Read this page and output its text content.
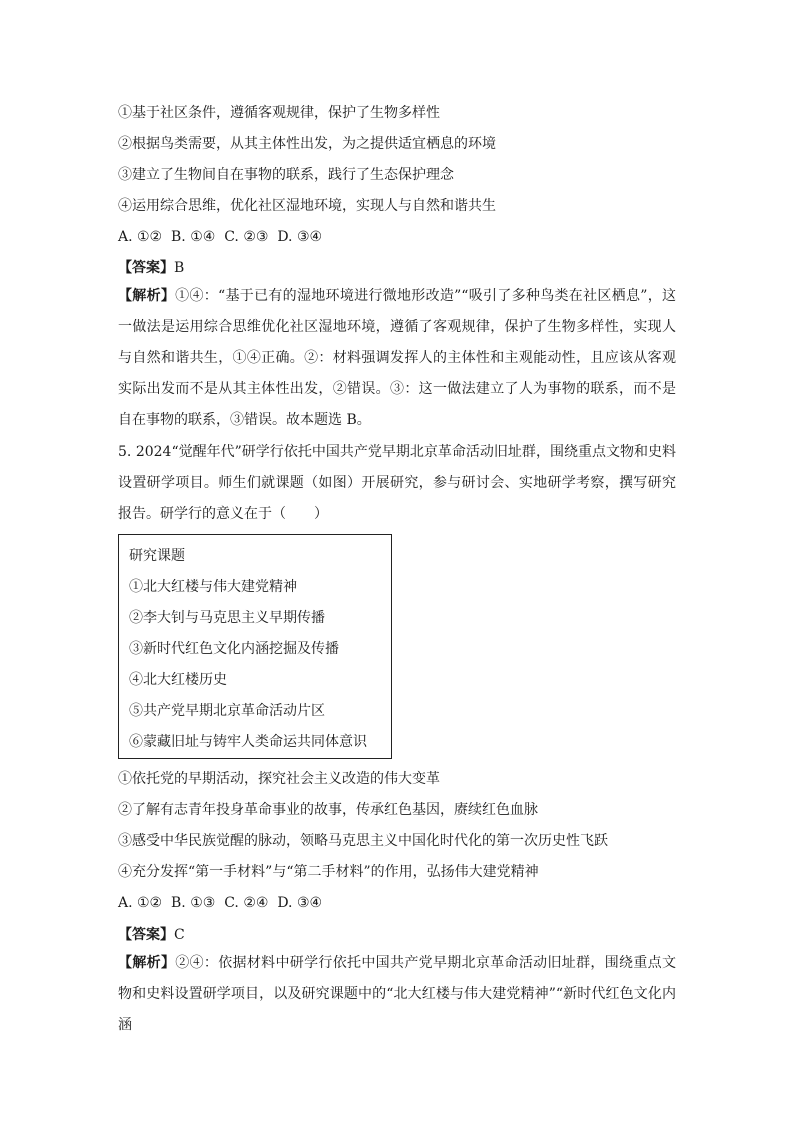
①基于社区条件，遵循客观规律，保护了生物多样性
②根据鸟类需要，从其主体性出发，为之提供适宜栖息的环境
③建立了生物间自在事物的联系，践行了生态保护理念
④运用综合思维，优化社区湿地环境，实现人与自然和谐共生
A. ①②  B. ①④  C. ②③  D. ③④
【答案】B
【解析】①④：“基于已有的湿地环境进行微地形改造”“吸引了多种鸟类在社区栖息”，这一做法是运用综合思维优化社区湿地环境，遵循了客观规律，保护了生物多样性，实现人与自然和谐共生，①④正确。②：材料强调发挥人的主体性和主观能动性，且应该从客观实际出发而不是从其主体性出发，②错误。③：这一做法建立了人为事物的联系，而不是自在事物的联系，③错误。故本题选 B。
5. 2024“觉醒年代”研学行依托中国共产党早期北京革命活动旧址群，围绕重点文物和史料设置研学项目。师生们就课题（如图）开展研究，参与研讨会、实地研学考察，撰写研究报告。研学行的意义在于（　　）
研究课题
①北大红楼与伟大建党精神
②李大钊与马克思主义早期传播
③新时代红色文化内涵挖掘及传播
④北大红楼历史
⑤共产党早期北京革命活动片区
⑥蒙藏旧址与铸牢人类命运共同体意识
①依托党的早期活动，探究社会主义改造的伟大变革
②了解有志青年投身革命事业的故事，传承红色基因，赓续红色血脉
③感受中华民族觉醒的脉动，领略马克思主义中国化时代化的第一次历史性飞跃
④充分发挥“第一手材料”与“第二手材料”的作用，弘扬伟大建党精神
A. ①②  B. ①③  C. ②④  D. ③④
【答案】C
【解析】②④：依据材料中研学行依托中国共产党早期北京革命活动旧址群，围绕重点文物和史料设置研学项目，以及研究课题中的“北大红楼与伟大建党精神”“新时代红色文化内涵
